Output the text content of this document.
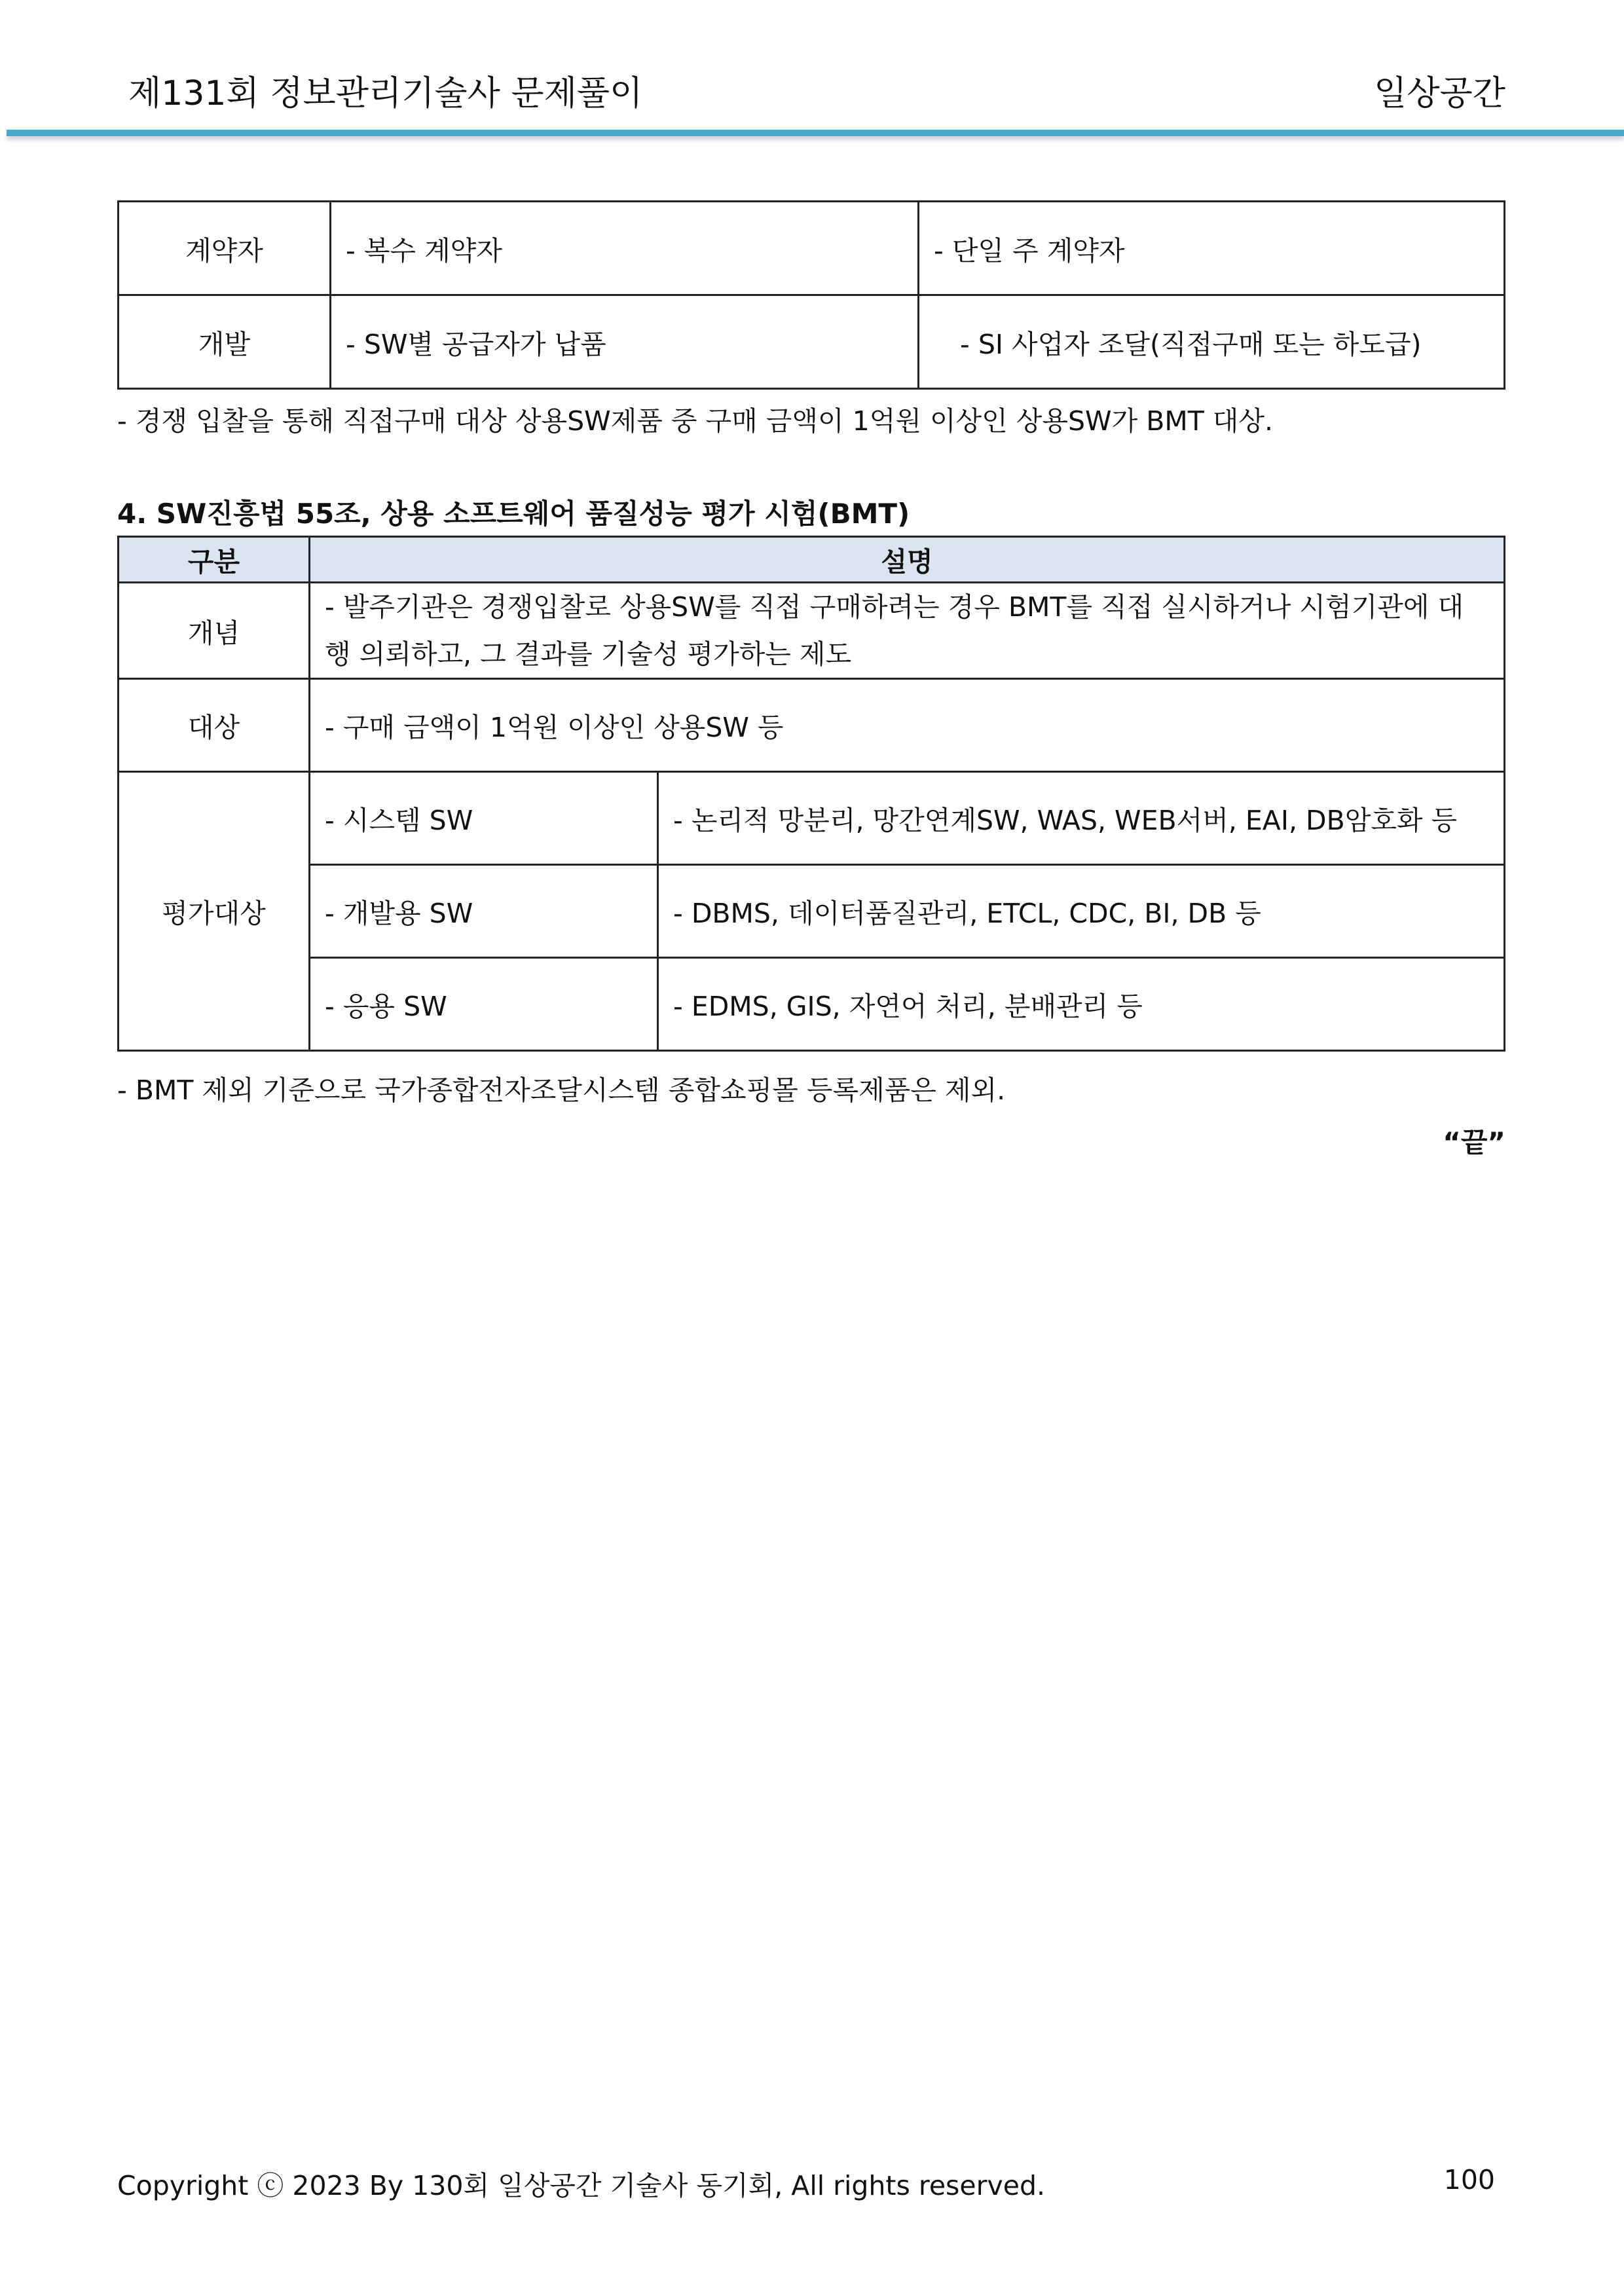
제131회 정보관리기술사 문제풀이	일상공간
계약자	- 복수 계약자	- 단일 주 계약자
개발	- SW별 공급자가 납품	- SI 사업자 조달(직접구매 또는 하도급)
- 경쟁 입찰을 통해 직접구매 대상 상용SW제품 중 구매 금액이 1억원 이상인 상용SW가 BMT 대상.
4. SW진흥법 55조, 상용 소프트웨어 품질성능 평가 시험(BMT)
구분	설명	
개념	- 발주기관은 경쟁입찰로 상용SW를 직접 구매하려는 경우 BMT를 직접 실시하거나 시험기관에 대행 의뢰하고, 그 결과를 기술성 평가하는 제도	
대상	- 구매 금액이 1억원 이상인 상용SW 등	
평가대상	- 시스템 SW	- 논리적 망분리, 망간연계SW, WAS, WEB서버, EAI, DB암호화 등
	- 개발용 SW	- DBMS, 데이터품질관리, ETCL, CDC, BI, DB 등
	- 응용 SW	- EDMS, GIS, 자연어 처리, 분배관리 등
- BMT 제외 기준으로 국가종합전자조달시스템 종합쇼핑몰 등록제품은 제외.
“끝”
Copyright ⓒ 2023 By 130회 일상공간 기술사 동기회, All rights reserved.	100
